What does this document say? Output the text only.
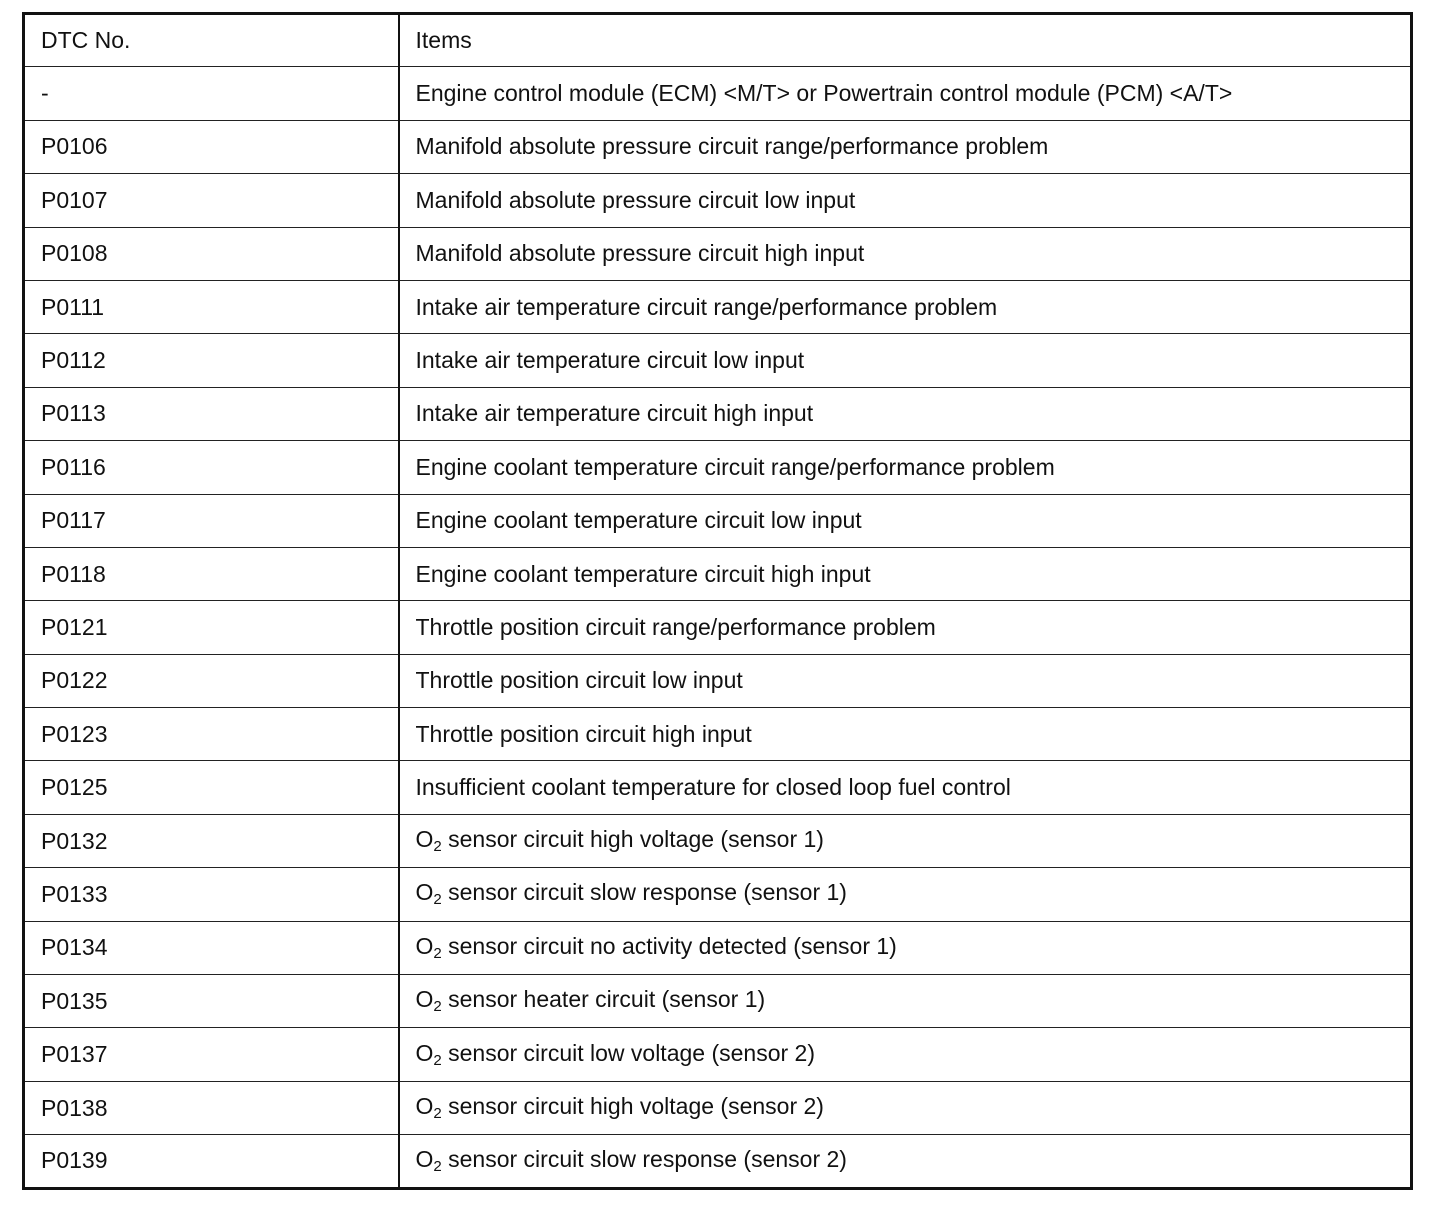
DTC No.	Items
-	Engine control module (ECM) <M/T> or Powertrain control module (PCM) <A/T>
P0106	Manifold absolute pressure circuit range/performance problem
P0107	Manifold absolute pressure circuit low input
P0108	Manifold absolute pressure circuit high input
P0111	Intake air temperature circuit range/performance problem
P0112	Intake air temperature circuit low input
P0113	Intake air temperature circuit high input
P0116	Engine coolant temperature circuit range/performance problem
P0117	Engine coolant temperature circuit low input
P0118	Engine coolant temperature circuit high input
P0121	Throttle position circuit range/performance problem
P0122	Throttle position circuit low input
P0123	Throttle position circuit high input
P0125	Insufficient coolant temperature for closed loop fuel control
P0132	$O_2$ sensor circuit high voltage (sensor 1)
P0133	$O_2$ sensor circuit slow response (sensor 1)
P0134	$O_2$ sensor circuit no activity detected (sensor 1)
P0135	$O_2$ sensor heater circuit (sensor 1)
P0137	$O_2$ sensor circuit low voltage (sensor 2)
P0138	$O_2$ sensor circuit high voltage (sensor 2)
P0139	$O_2$ sensor circuit slow response (sensor 2)
